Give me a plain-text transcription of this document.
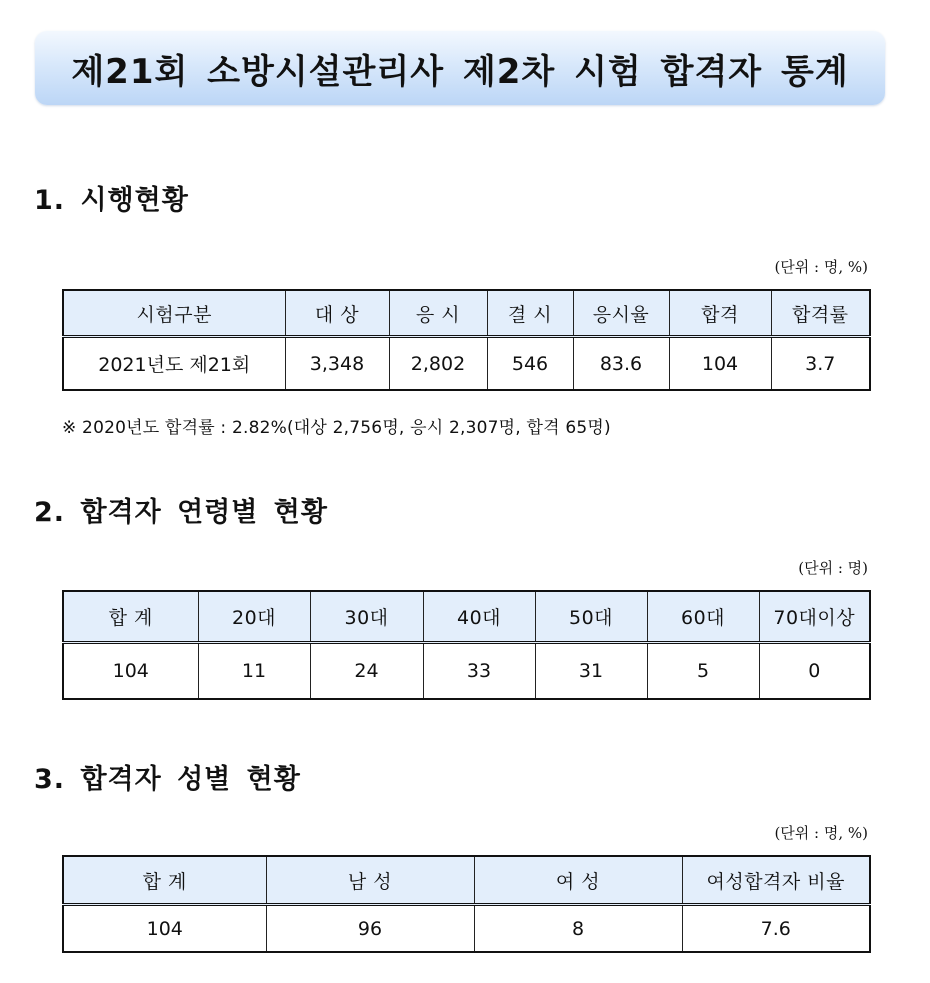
제21회 소방시설관리사 제2차 시험 합격자 통계
1. 시행현황
(단위 : 명, %)
시험구분	대 상	응 시	결 시	응시율	합격	합격률
2021년도 제21회	3,348	2,802	546	83.6	104	3.7
※ 2020년도 합격률 : 2.82%(대상 2,756명, 응시 2,307명, 합격 65명)
2. 합격자 연령별 현황
(단위 : 명)
합 계	20대	30대	40대	50대	60대	70대이상
104	11	24	33	31	5	0
3. 합격자 성별 현황
(단위 : 명, %)
합 계	남 성	여 성	여성합격자 비율
104	96	8	7.6
